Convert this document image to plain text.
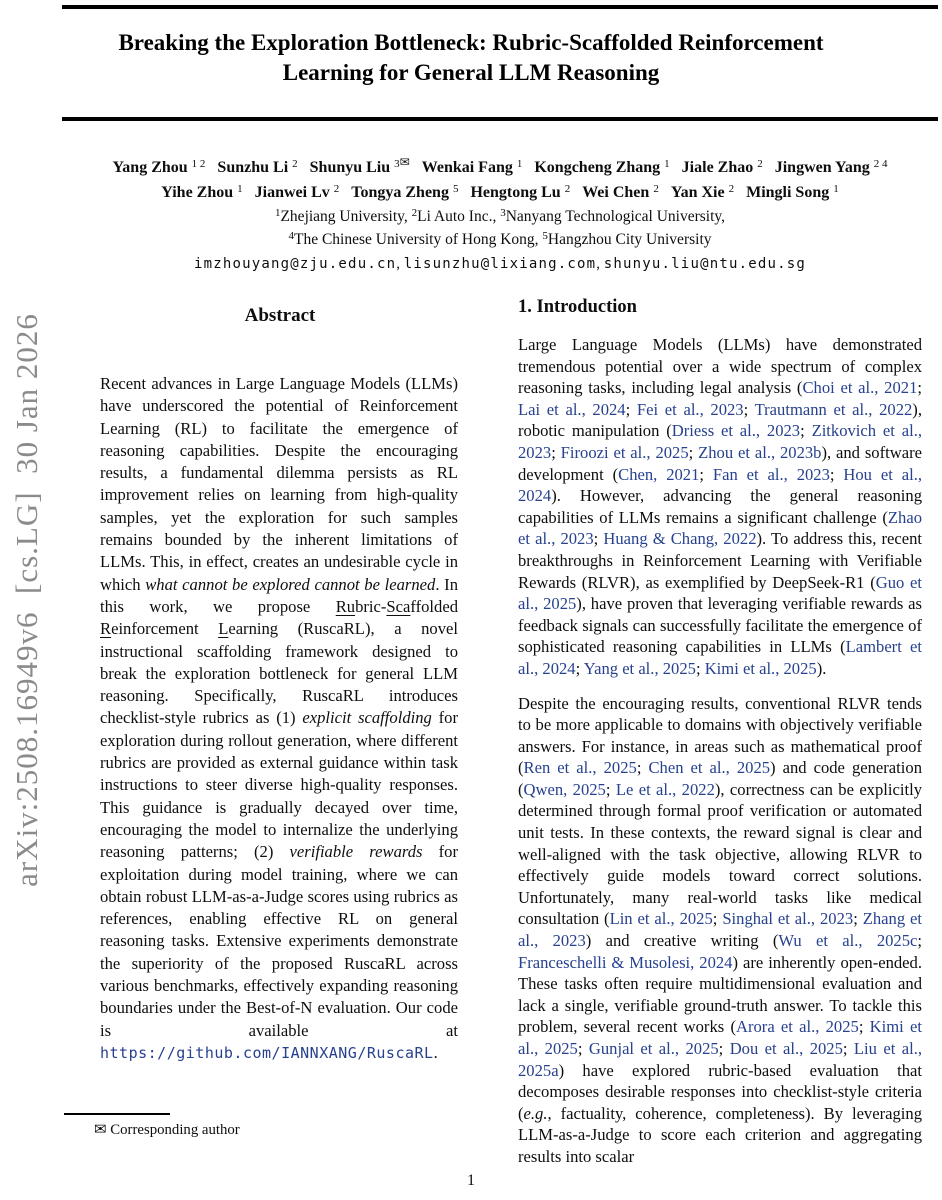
Breaking the Exploration Bottleneck: Rubric-Scaffolded Reinforcement
Learning for General LLM Reasoning
Yang Zhou $^{1 2}$ Sunzhu Li $^2$ Shunyu Liu $^{3✉}$ Wenkai Fang $^1$ Kongcheng Zhang $^1$ Jiale Zhao $^2$ Jingwen Yang $^{2 4}$
Yihe Zhou $^1$ Jianwei Lv $^2$ Tongya Zheng $^5$ Hengtong Lu $^2$ Wei Chen $^2$ Yan Xie $^2$ Mingli Song $^1$
$^1$Zhejiang University, $^2$Li Auto Inc., $^3$Nanyang Technological University,
$^4$The Chinese University of Hong Kong, $^5$Hangzhou City University
imzhouyang@zju.edu.cn, lisunzhu@lixiang.com, shunyu.liu@ntu.edu.sg
arXiv:2508.16949v6  [cs.LG]  30 Jan 2026	Abstract
Recent advances in Large Language Models (LLMs) have underscored the potential of Reinforcement Learning (RL) to facilitate the emergence of reasoning capabilities. Despite the encouraging results, a fundamental dilemma persists as RL improvement relies on learning from high-quality samples, yet the exploration for such samples remains bounded by the inherent limitations of LLMs. This, in effect, creates an undesirable cycle in which what cannot be explored cannot be learned. In this work, we propose Rubric-Scaffolded Reinforcement Learning (RuscaRL), a novel instructional scaffolding framework designed to break the exploration bottleneck for general LLM reasoning. Specifically, RuscaRL introduces checklist-style rubrics as (1) explicit scaffolding for exploration during rollout generation, where different rubrics are provided as external guidance within task instructions to steer diverse high-quality responses. This guidance is gradually decayed over time, encouraging the model to internalize the underlying reasoning patterns; (2) verifiable rewards for exploitation during model training, where we can obtain robust LLM-as-a-Judge scores using rubrics as references, enabling effective RL on general reasoning tasks. Extensive experiments demonstrate the superiority of the proposed RuscaRL across various benchmarks, effectively expanding reasoning boundaries under the Best-of-N evaluation. Our code is available at https://github.com/IANNXANG/RuscaRL.
1. Introduction

Large Language Models (LLMs) have demonstrated tremendous potential over a wide spectrum of complex reasoning tasks, including legal analysis (Choi et al., 2021; Lai et al., 2024; Fei et al., 2023; Trautmann et al., 2022), robotic manipulation (Driess et al., 2023; Zitkovich et al., 2023; Firoozi et al., 2025; Zhou et al., 2023b), and software development (Chen, 2021; Fan et al., 2023; Hou et al., 2024). However, advancing the general reasoning capabilities of LLMs remains a significant challenge (Zhao et al., 2023; Huang & Chang, 2022). To address this, recent breakthroughs in Reinforcement Learning with Verifiable Rewards (RLVR), as exemplified by DeepSeek-R1 (Guo et al., 2025), have proven that leveraging verifiable rewards as feedback signals can successfully facilitate the emergence of sophisticated reasoning capabilities in LLMs (Lambert et al., 2024; Yang et al., 2025; Kimi et al., 2025).

Despite the encouraging results, conventional RLVR tends to be more applicable to domains with objectively verifiable answers. For instance, in areas such as mathematical proof (Ren et al., 2025; Chen et al., 2025) and code generation (Qwen, 2025; Le et al., 2022), correctness can be explicitly determined through formal proof verification or automated unit tests. In these contexts, the reward signal is clear and well-aligned with the task objective, allowing RLVR to effectively guide models toward correct solutions. Unfortunately, many real-world tasks like medical consultation (Lin et al., 2025; Singhal et al., 2023; Zhang et al., 2023) and creative writing (Wu et al., 2025c; Franceschelli & Musolesi, 2024) are inherently open-ended. These tasks often require multidimensional evaluation and lack a single, verifiable ground-truth answer. To tackle this problem, several recent works (Arora et al., 2025; Kimi et al., 2025; Gunjal et al., 2025; Dou et al., 2025; Liu et al., 2025a) have explored rubric-based evaluation that decomposes desirable responses into checklist-style criteria (e.g., factuality, coherence, completeness). By leveraging LLM-as-a-Judge to score each criterion and aggregating results into scalar

✉ Corresponding author
1
